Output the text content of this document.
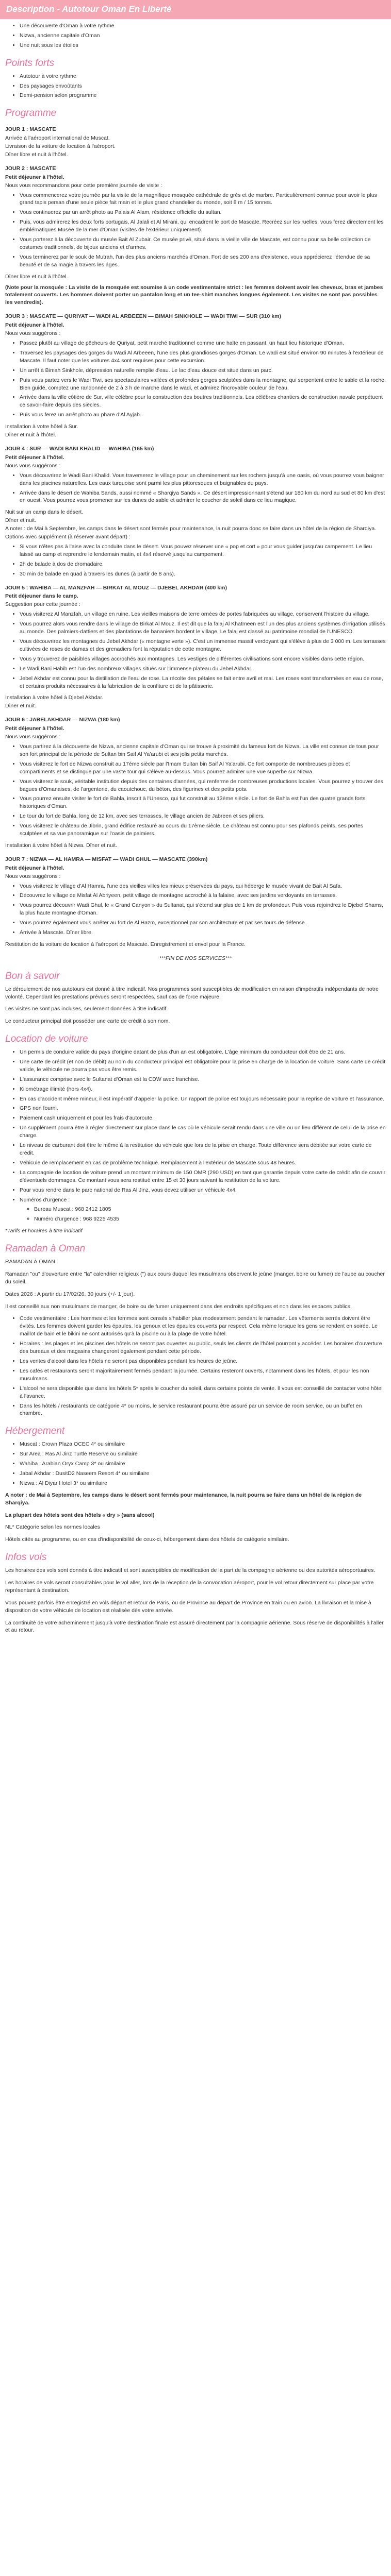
Description - Autotour Oman En Liberté
• Une découverte d'Oman à votre rythme
• Nizwa, ancienne capitale d'Oman
• Une nuit sous les étoiles
Points forts
• Autotour à votre rythme
• Des paysages envoûtants
• Demi-pension selon programme
Programme
JOUR 1 : MASCATE

Arrivée à l'aéroport international de Muscat.

Livraison de la voiture de location à l'aéroport.

Dîner libre et nuit à l'hôtel.

JOUR 2 : MASCATE

Petit déjeuner à l'hôtel.

Nous vous recommandons pour cette première journée de visite :

• Vous commencerez votre journée par la visite de la magnifique mosquée cathédrale de grès et de marbre. Particulièrement connue pour avoir le plus grand tapis persan d'une seule pièce fait main et le plus grand chandelier du monde, soit 8 m / 15 tonnes.
• Vous continuerez par un arrêt photo au Palais Al Alam, résidence officielle du sultan.
• Puis, vous admirerez les deux forts portugais, Al Jalali et Al Mirani, qui encadrent le port de Mascate. Recréez sur les ruelles, vous ferez directement les emblématiques Musée de la mer d'Oman (visites de l'extérieur uniquement).
• Vous porterez à la découverte du musée Bait Al Zubair. Ce musée privé, situé dans la vieille ville de Mascate, est connu pour sa belle collection de costumes traditionnels, de bijoux anciens et d'armes.
• Vous terminerez par le souk de Mutrah, l'un des plus anciens marchés d'Oman. Fort de ses 200 ans d'existence, vous apprécierez l'étendue de sa beauté et de sa magie à travers les âges.

Dîner libre et nuit à l'hôtel.

(Note pour la mosquée : La visite de la mosquée est soumise à un code vestimentaire strict : les femmes doivent avoir les cheveux, bras et jambes totalement couverts. Les hommes doivent porter un pantalon long et un tee-shirt manches longues également. Les visites ne sont pas possibles les vendredis).

JOUR 3 : MASCATE — QURIYAT — WADI AL ARBEEEN — BIMAH SINKHOLE — WADI TIWI — SUR (310 km)

Petit déjeuner à l'hôtel.

Nous vous suggérons :

• Passez plutôt au village de pêcheurs de Quriyat, petit marché traditionnel comme une halte en passant, un haut lieu historique d'Oman.
• Traversez les paysages des gorges du Wadi Al Arbeeen, l'une des plus grandioses gorges d'Oman. Le wadi est situé environ 90 minutes à l'extérieur de Mascate. Il faut noter que les voitures 4x4 sont requises pour cette excursion.
• Un arrêt à Bimah Sinkhole, dépression naturelle remplie d'eau. Le lac d'eau douce est situé dans un parc.
• Puis vous partez vers le Wadi Tiwi, ses spectaculaires vallées et profondes gorges sculptées dans la montagne, qui serpentent entre le sable et la roche. Bien guidé, comptez une randonnée de 2 à 3 h de marche dans le wadi, et admirez l'incroyable couleur de l'eau.
• Arrivée dans la ville côtière de Sur, ville célèbre pour la construction des boutres traditionnels. Les célèbres chantiers de construction navale perpétuent ce savoir-faire depuis des siècles.
• Puis vous ferez un arrêt photo au phare d'Al Ayjah.

Installation à votre hôtel à Sur.

Dîner et nuit à l'hôtel.

JOUR 4 : SUR — WADI BANI KHALID — WAHIBA (165 km)

Petit déjeuner à l'hôtel.

Nous vous suggérons :

• Vous découvrirez le Wadi Bani Khalid. Vous traverserez le village pour un cheminement sur les rochers jusqu'à une oasis, où vous pourrez vous baigner dans les piscines naturelles. Les eaux turquoise sont parmi les plus pittoresques et baignables du pays.
• Arrivée dans le désert de Wahiba Sands, aussi nommé « Sharqiya Sands ». Ce désert impressionnant s'étend sur 180 km du nord au sud et 80 km d'est en ouest. Vous pourrez vous promener sur les dunes de sable et admirer le coucher de soleil dans ce lieu magique.

Nuit sur un camp dans le désert.

Dîner et nuit.

A noter : de Mai à Septembre, les camps dans le désert sont fermés pour maintenance, la nuit pourra donc se faire dans un hôtel de la région de Sharqiya.

Options avec supplément (à réserver avant départ) :

• Si vous n'êtes pas à l'aise avec la conduite dans le désert. Vous pouvez réserver une « pop et cort » pour vous guider jusqu'au campement. Le lieu laissé au camp et reprendre le lendemain matin, et 4x4 réservé jusqu'au campement.
• 2h de balade à dos de dromadaire.
• 30 min de balade en quad à travers les dunes (à partir de 8 ans).
JOUR 5 : WAHIBA — AL MANZFAH — BIRKAT AL MOUZ — DJEBEL AKHDAR (400 km)

Petit déjeuner dans le camp.

Suggestion pour cette journée :

• Vous visiterez Al Manzfah, un village en ruine. Les vieilles maisons de terre ornées de portes fabriquées au village, conservent l'histoire du village.
• Vous pourrez alors vous rendre dans le village de Birkat Al Mouz. Il est dit que la falaj Al Khatmeen est l'un des plus anciens systèmes d'irrigation utilisés au monde. Des palmiers-dattiers et des plantations de bananiers bordent le village. Le falaj est classé au patrimoine mondial de l'UNESCO.
• Vous découvrirez les montagnes du Jebel Akhdar (« montagne verte »). C'est un immense massif verdoyant qui s'élève à plus de 3 000 m. Les terrasses cultivées de roses de damas et des grenadiers font la réputation de cette montagne.
• Vous y trouverez de paisibles villages accrochés aux montagnes. Les vestiges de différentes civilisations sont encore visibles dans cette région.
• Le Wadi Bani Habib est l'un des nombreux villages situés sur l'immense plateau du Jebel Akhdar.
• Jebel Akhdar est connu pour la distillation de l'eau de rose. La récolte des pétales se fait entre avril et mai. Les roses sont transformées en eau de rose, et certains produits nécessaires à la fabrication de la confiture et de la pâtisserie.

Installation à votre hôtel à Djebel Akhdar.

Dîner et nuit.

JOUR 6 : JABELAKHDAR — NIZWA (180 km)

Petit déjeuner à l'hôtel.

Nous vous suggérons :

• Vous partirez à la découverte de Nizwa, ancienne capitale d'Oman qui se trouve à proximité du fameux fort de Nizwa. La ville est connue de tous pour son fort principal de la période de Sultan bin Saif Al Ya'arubi et ses jolis petits marchés.
• Vous visiterez le fort de Nizwa construit au 17ème siècle par l'Imam Sultan bin Saif Al Ya'arubi. Ce fort comporte de nombreuses pièces et compartiments et se distingue par une vaste tour qui s'élève au-dessus. Vous pourrez admirer une vue superbe sur Nizwa.
• Vous visiterez le souk, véritable institution depuis des centaines d'années, qui renferme de nombreuses productions locales. Vous pourrez y trouver des bagues d'Omanaises, de l'argenterie, du caoutchouc, du béton, des figurines et des petits pots.
• Vous pourrez ensuite visiter le fort de Bahla, inscrit à l'Unesco, qui fut construit au 13ème siècle. Le fort de Bahla est l'un des quatre grands forts historiques d'Oman.
• Le tour du fort de Bahla, long de 12 km, avec ses terrasses, le village ancien de Jabreen et ses piliers.
• Vous visiterez le château de Jibrin, grand édifice restauré au cours du 17ème siècle. Le château est connu pour ses plafonds peints, ses portes sculptées et sa vue panoramique sur l'oasis de palmiers.

Installation à votre hôtel à Nizwa. Dîner et nuit.

JOUR 7 : NIZWA — AL HAMRA — MISFAT — WADI GHUL — MASCATE (390km)

Petit déjeuner à l'hôtel.

Nous vous suggérons :

• Vous visiterez le village d'Al Hamra, l'une des vieilles villes les mieux préservées du pays, qui héberge le musée vivant de Bait Al Safa.
• Découvrez le village de Misfat Al Abriyeen, petit village de montagne accroché à la falaise, avec ses jardins verdoyants en terrasses.
• Vous pourrez découvrir Wadi Ghul, le « Grand Canyon » du Sultanat, qui s'étend sur plus de 1 km de profondeur. Puis vous rejoindrez le Djebel Shams, la plus haute montagne d'Oman.
• Vous pourrez également vous arrêter au fort de Al Hazm, exceptionnel par son architecture et par ses tours de défense.
• Arrivée à Mascate. Dîner libre.

Restitution de la voiture de location à l'aéroport de Mascate. Enregistrement et envol pour la France.

***FIN DE NOS SERVICES***

Bon à savoir

Le déroulement de nos autotours est donné à titre indicatif. Nos programmes sont susceptibles de modification en raison d'impératifs indépendants de notre volonté. Cependant les prestations prévues seront respectées, sauf cas de force majeure.

Les visites ne sont pas incluses, seulement données à titre indicatif.

Le conducteur principal doit posséder une carte de crédit à son nom.

Location de voiture
• Un permis de conduire valide du pays d'origine datant de plus d'un an est obligatoire. L'âge minimum du conducteur doit être de 21 ans.
• Une carte de crédit (et non de débit) au nom du conducteur principal est obligatoire pour la prise en charge de la location de voiture. Sans carte de crédit valide, le véhicule ne pourra pas vous être remis.
• L'assurance comprise avec le Sultanat d'Oman est la CDW avec franchise.
• Kilométrage illimité (hors 4x4).
• En cas d'accident même mineur, il est impératif d'appeler la police. Un rapport de police est toujours nécessaire pour la reprise de voiture et l'assurance.
• GPS non fourni.
• Paiement cash uniquement et pour les frais d'autoroute.
• Un supplément pourra être à régler directement sur place dans le cas où le véhicule serait rendu dans une ville ou un lieu différent de celui de la prise en charge.
• Le niveau de carburant doit être le même à la restitution du véhicule que lors de la prise en charge. Toute différence sera débitée sur votre carte de crédit.
• Véhicule de remplacement en cas de problème technique. Remplacement à l'extérieur de Mascate sous 48 heures.
• La compagnie de location de voiture prend un montant minimum de 150 OMR (290 USD) en tant que garantie depuis votre carte de crédit afin de couvrir d'éventuels dommages. Ce montant vous sera restitué entre 15 et 30 jours suivant la restitution de la voiture.
• Pour vous rendre dans le parc national de Ras Al Jinz, vous devez utiliser un véhicule 4x4.
• Numéros d'urgence :
◦ Bureau Muscat : 968 2412 1805
◦ Numéro d'urgence : 968 9225 4535

*Tarifs et horaires à titre indicatif

Ramadan à Oman

RAMADAN À OMAN

Ramadan "ou" d'ouverture entre "la" calendrier religieux (") aux cours duquel les musulmans observent le jeûne (manger, boire ou fumer) de l'aube au coucher du soleil.

Dates 2026 : A partir du 17/02/26, 30 jours (+/- 1 jour).

Il est conseillé aux non musulmans de manger, de boire ou de fumer uniquement dans des endroits spécifiques et non dans les espaces publics.

• Code vestimentaire : Les hommes et les femmes sont censés s'habiller plus modestement pendant le ramadan. Les vêtements serrés doivent être évités. Les femmes doivent garder les épaules, les genoux et les épaules couverts par respect. Cela même lorsque les gens se rendent en soirée. Le maillot de bain et le bikini ne sont autorisés qu'à la piscine ou à la plage de votre hôtel.
• Horaires : les plages et les piscines des hôtels ne seront pas ouvertes au public, seuls les clients de l'hôtel pourront y accéder. Les horaires d'ouverture des bureaux et des magasins changeront également pendant cette période.
• Les ventes d'alcool dans les hôtels ne seront pas disponibles pendant les heures de jeûne.
• Les cafés et restaurants seront majoritairement fermés pendant la journée. Certains resteront ouverts, notamment dans les hôtels, et pour les non musulmans.
• L'alcool ne sera disponible que dans les hôtels 5* après le coucher du soleil, dans certains points de vente. Il vous est conseillé de contacter votre hôtel à l'avance.
• Dans les hôtels / restaurants de catégorie 4* ou moins, le service restaurant pourra être assuré par un service de room service, ou un buffet en chambre.
Hébergement
• Muscat : Crown Plaza OCEC 4* ou similaire
• Sur Area : Ras Al Jinz Turtle Reserve ou similaire
• Wahiba : Arabian Oryx Camp 3* ou similaire
• Jabal Akhdar : DusitD2 Naseem Resort 4* ou similaire
• Nizwa : Al Diyar Hotel 3* ou similaire

A noter : de Mai à Septembre, les camps dans le désert sont fermés pour maintenance, la nuit pourra se faire dans un hôtel de la région de Sharqiya.

La plupart des hôtels sont des hôtels « dry » (sans alcool)

NL* Catégorie selon les normes locales

Hôtels cités au programme, ou en cas d'indisponibilité de ceux-ci, hébergement dans des hôtels de catégorie similaire.

Infos vols

Les horaires des vols sont donnés à titre indicatif et sont susceptibles de modification de la part de la compagnie aérienne ou des autorités aéroportuaires.

Les horaires de vols seront consultables pour le vol aller, lors de la réception de la convocation aéroport, pour le vol retour directement sur place par votre représentant à destination.

Vous pouvez parfois être enregistré en vols départ et retour de Paris, ou de Province au départ de Province en train ou en avion. La livraison et la mise à disposition de votre véhicule de location est réalisée dès votre arrivée.

La continuité de votre acheminement jusqu'à votre destination finale est assuré directement par la compagnie aérienne. Sous réserve de disponibilités à l'aller et au retour.
